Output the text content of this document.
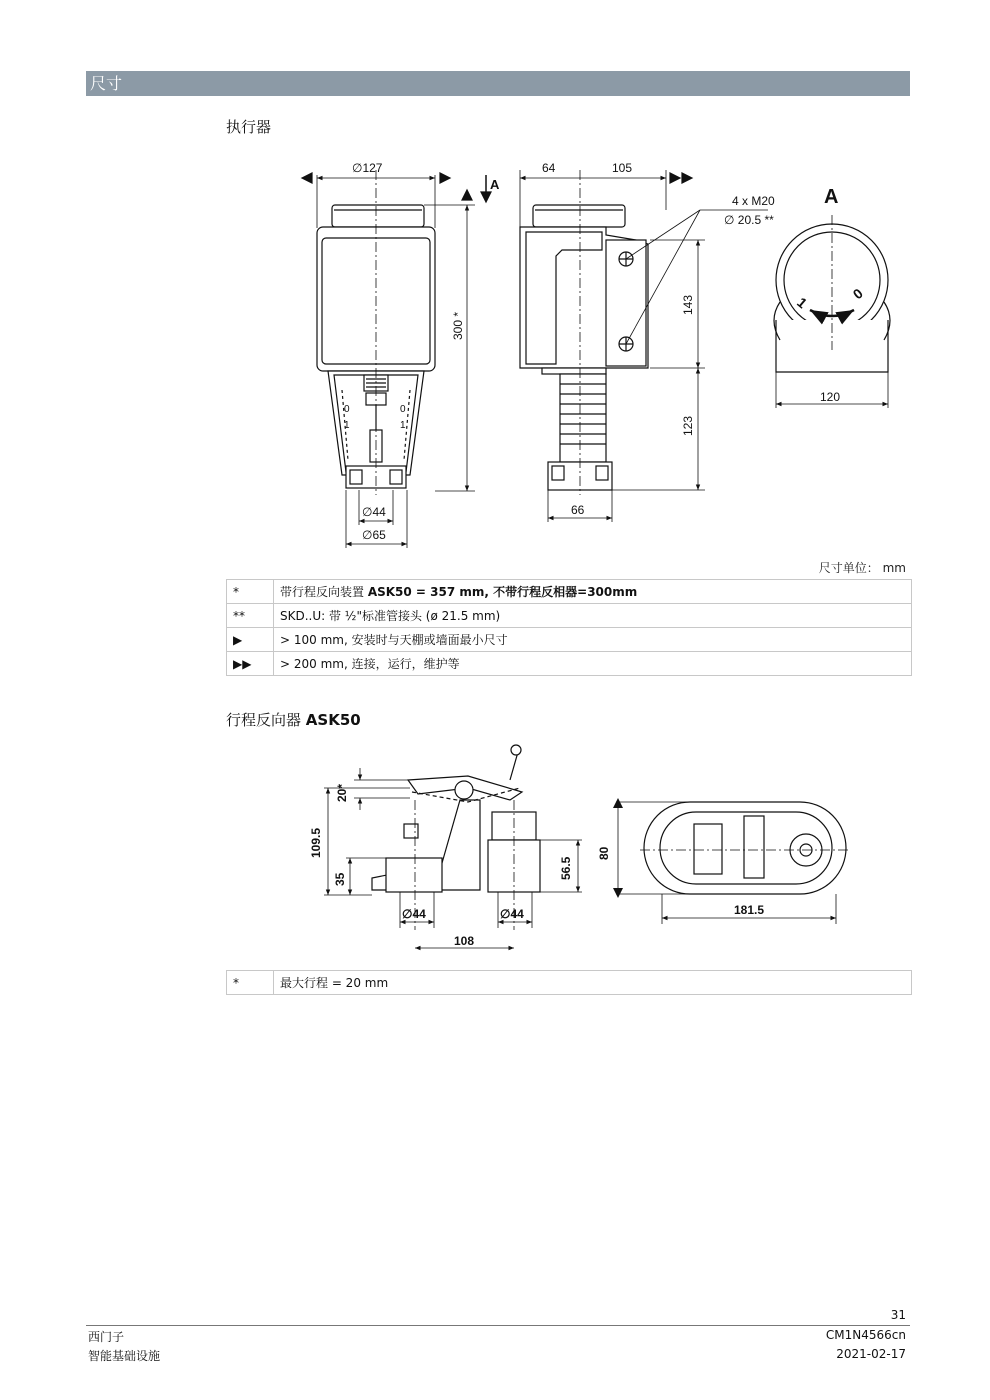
尺寸
执行器
0	0
1	1
∅127
A
300 *
64	105
4 x M20
∅ 20.5 **
143
123
66
∅44
∅65
120
A
1
0
尺寸单位： mm
*	带行程反向装置 ASK50 = 357 mm, 不带行程反相器=300mm
**	SKD..U: 带 ½"标准管接头 (ø 21.5 mm)
▶	> 100 mm, 安装时与天棚或墙面最小尺寸
▶▶	> 200 mm, 连接，运行，维护等
行程反向器 ASK50
20*
109.5
35	56.5
∅44	∅44
108
80
181.5
*	最大行程 = 20 mm
31
西门子
智能基础设施
CM1N4566cn
2021-02-17
